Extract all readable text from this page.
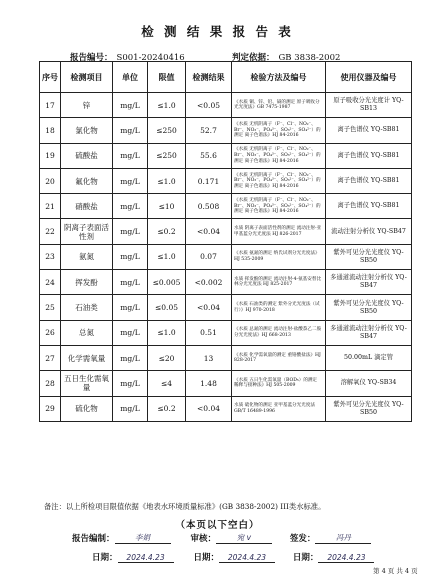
检 测 结 果 报 告 表
报告编号： S001-20240416	判定依据： GB 3838-2002
序号	检测项目	单位	限值	检测结果	检验方法及编号	使用仪器及编号
17	锌	mg/L	≤1.0	<0.05	《水质 铜、锌、铅、镉的测定 原子吸收分光光度法》GB 7475-1987	原子吸收分光光度计 YQ-SB13
18	氯化物	mg/L	≤250	52.7	《水质 无机阴离子（F⁻、Cl⁻、NO₂⁻、Br⁻、NO₃⁻、PO₄³⁻、SO₃²⁻、SO₄²⁻）的测定 离子色谱法》HJ 84-2016	离子色谱仪 YQ-SB81
19	硫酸盐	mg/L	≤250	55.6	《水质 无机阴离子（F⁻、Cl⁻、NO₂⁻、Br⁻、NO₃⁻、PO₄³⁻、SO₃²⁻、SO₄²⁻）的测定 离子色谱法》HJ 84-2016	离子色谱仪 YQ-SB81
20	氟化物	mg/L	≤1.0	0.171	《水质 无机阴离子（F⁻、Cl⁻、NO₂⁻、Br⁻、NO₃⁻、PO₄³⁻、SO₃²⁻、SO₄²⁻）的测定 离子色谱法》HJ 84-2016	离子色谱仪 YQ-SB81
21	硝酸盐	mg/L	≤10	0.508	《水质 无机阴离子（F⁻、Cl⁻、NO₂⁻、Br⁻、NO₃⁻、PO₄³⁻、SO₃²⁻、SO₄²⁻）的测定 离子色谱法》HJ 84-2016	离子色谱仪 YQ-SB81
22	阴离子表面活性剂	mg/L	≤0.2	<0.04	水质 阴离子表面活性剂的测定 流动注射-亚甲基蓝分光光度法 HJ 826-2017	流动注射分析仪 YQ-SB47
23	氨氮	mg/L	≤1.0	0.07	《水质 氨氮的测定 纳氏试剂分光光度法》HJ 535-2009	紫外可见分光光度仪 YQ-SB50
24	挥发酚	mg/L	≤0.005	<0.002	水质 挥发酚的测定 流动注射-4-氨基安替比林分光光度法 HJ 825-2017	多通道流动注射分析仪 YQ-SB47
25	石油类	mg/L	≤0.05	<0.04	《水质 石油类的测定 紫外分光光度法（试行）》HJ 970-2018	紫外可见分光光度仪 YQ-SB50
26	总氮	mg/L	≤1.0	0.51	《水质 总氮的测定 流动注射-盐酸萘乙二胺分光光度法》HJ 668-2013	多通道流动注射分析仪 YQ-SB47
27	化学需氧量	mg/L	≤20	13	《水质 化学需氧量的测定 重铬酸盐法》HJ 828-2017	50.00mL 滴定管
28	五日生化需氧量	mg/L	≤4	1.48	《水质 五日生化需氧量（BOD₅）的测定 稀释与接种法》HJ 505-2009	溶解氧仪 YQ-SB34
29	硫化物	mg/L	≤0.2	<0.04	水质 硫化物的测定 亚甲基蓝分光光度法 GB/T 16489-1996	紫外可见分光光度仪 YQ-SB50
备注：以上所检项目限值依据《地表水环境质量标准》(GB 3838-2002) III类水标准。
（本页以下空白）
报告编制：	李娟	审核：	宛 v	签发：	冯丹
日期： 2024.4.23	日期： 2024.4.23	日期： 2024.4.23
第 4 页 共 4 页
